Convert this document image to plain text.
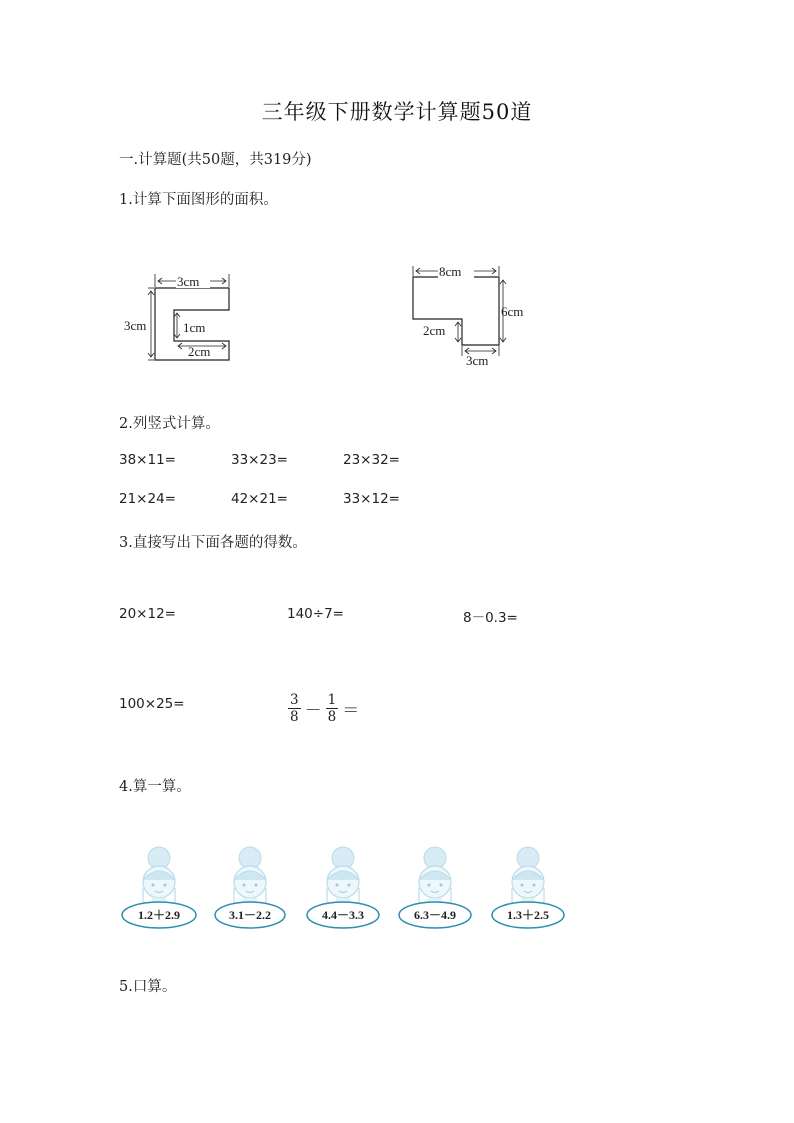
三年级下册数学计算题50道
一.计算题(共50题，共319分)
1.计算下面图形的面积。
3cm
3cm	1cm
2cm
8cm
6cm
2cm
3cm
2.列竖式计算。
38×11=	33×23=	23×32=
21×24=	42×21=	33×12=
3.直接写出下面各题的得数。
20×12=	140÷7=	8－0.3=
100×25=	$\frac{3}{8} - \frac{1}{8}$ ＝
4.算一算。
1.2＋2.9	3.1－2.2	4.4－3.3	6.3－4.9	1.3＋2.5
5.口算。
